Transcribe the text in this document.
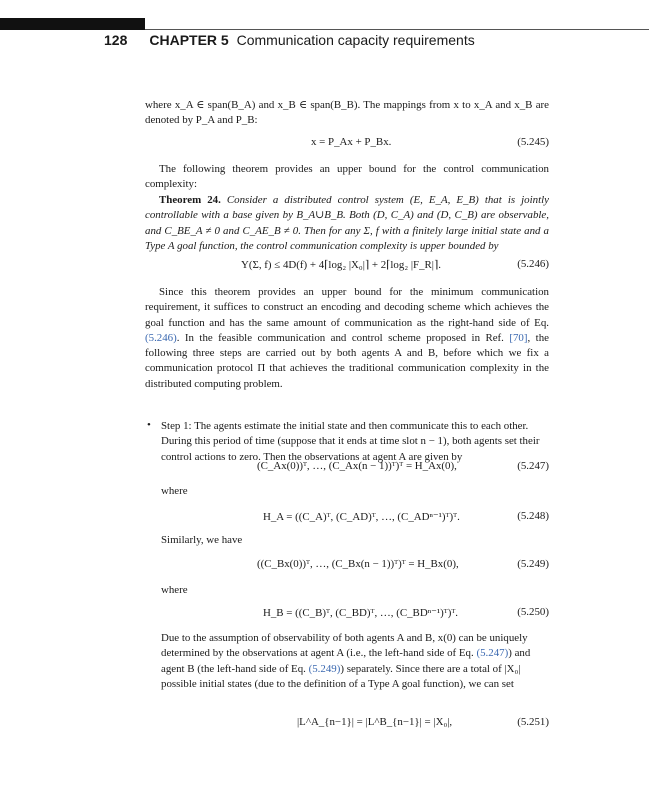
128 CHAPTER 5 Communication capacity requirements

where x_A ∈ span(B_A) and x_B ∈ span(B_B). The mappings from x to x_A and x_B are denoted by P_A and P_B:

x = P_Ax + P_Bx.	(5.245)

The following theorem provides an upper bound for the control communication complexity:

Theorem 24. Consider a distributed control system (E, E_A, E_B) that is jointly controllable with a base given by B_A∪B_B. Both (D, C_A) and (D, C_B) are observable, and C_BE_A ≠ 0 and C_AE_B ≠ 0. Then for any Σ, f with a finitely large initial state and a Type A goal function, the control communication complexity is upper bounded by

Y(Σ, f) ≤ 4D(f) + 4⌈log₂ |X₀|⌉ + 2⌈log₂ |F_R|⌉.	(5.246)

Since this theorem provides an upper bound for the minimum communication requirement, it suffices to construct an encoding and decoding scheme which achieves the goal function and has the same amount of communication as the right-hand side of Eq. (5.246). In the feasible communication and control scheme proposed in Ref. [70], the following three steps are carried out by both agents A and B, before which we fix a communication protocol Π that achieves the traditional communication complexity in the distributed computing problem.

• Step 1: The agents estimate the initial state and then communicate this to each other. During this period of time (suppose that it ends at time slot n − 1), both agents set their control actions to zero. Then the observations at agent A are given by

(C_Ax(0))ᵀ, …, (C_Ax(n − 1))ᵀ)ᵀ = H_Ax(0),	(5.247)
where
H_A = ((C_A)ᵀ, (C_AD)ᵀ, …, (C_ADⁿ⁻¹)ᵀ)ᵀ.	(5.248)
Similarly, we have
((C_Bx(0))ᵀ, …, (C_Bx(n − 1))ᵀ)ᵀ = H_Bx(0),	(5.249)
where
H_B = ((C_B)ᵀ, (C_BD)ᵀ, …, (C_BDⁿ⁻¹)ᵀ)ᵀ.	(5.250)

Due to the assumption of observability of both agents A and B, x(0) can be uniquely determined by the observations at agent A (i.e., the left-hand side of Eq. (5.247)) and agent B (the left-hand side of Eq. (5.249)) separately. Since there are a total of |X₀| possible initial states (due to the definition of a Type A goal function), we can set

|L^A_{n−1}| = |L^B_{n−1}| = |X₀|,	(5.251)
